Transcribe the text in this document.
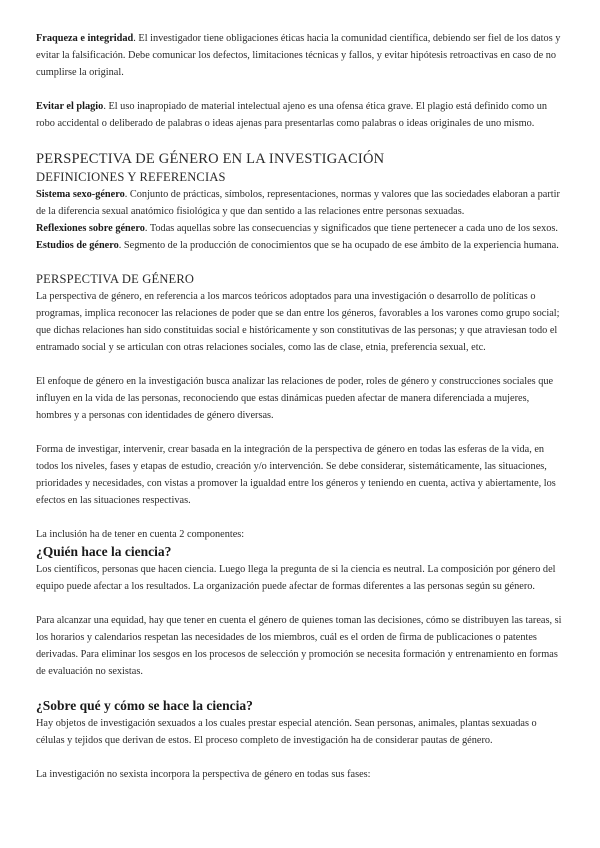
Fraqueza e integridad. El investigador tiene obligaciones éticas hacia la comunidad científica, debiendo ser fiel de los datos y evitar la falsificación. Debe comunicar los defectos, limitaciones técnicas y fallos, y evitar hipótesis retroactivas en caso de no cumplirse la original.

Evitar el plagio. El uso inapropiado de material intelectual ajeno es una ofensa ética grave. El plagio está definido como un robo accidental o deliberado de palabras o ideas ajenas para presentarlas como palabras o ideas originales de uno mismo.

PERSPECTIVA DE GÉNERO EN LA INVESTIGACIÓN
DEFINICIONES Y REFERENCIAS

Sistema sexo-género. Conjunto de prácticas, símbolos, representaciones, normas y valores que las sociedades elaboran a partir de la diferencia sexual anatómico fisiológica y que dan sentido a las relaciones entre personas sexuadas.

Reflexiones sobre género. Todas aquellas sobre las consecuencias y significados que tiene pertenecer a cada uno de los sexos.

Estudios de género. Segmento de la producción de conocimientos que se ha ocupado de ese ámbito de la experiencia humana.

PERSPECTIVA DE GÉNERO

La perspectiva de género, en referencia a los marcos teóricos adoptados para una investigación o desarrollo de políticas o programas, implica reconocer las relaciones de poder que se dan entre los géneros, favorables a los varones como grupo social; que dichas relaciones han sido constituidas social e históricamente y son constitutivas de las personas; y que atraviesan todo el entramado social y se articulan con otras relaciones sociales, como las de clase, etnia, preferencia sexual, etc.

El enfoque de género en la investigación busca analizar las relaciones de poder, roles de género y construcciones sociales que influyen en la vida de las personas, reconociendo que estas dinámicas pueden afectar de manera diferenciada a mujeres, hombres y a personas con identidades de género diversas.

Forma de investigar, intervenir, crear basada en la integración de la perspectiva de género en todas las esferas de la vida, en todos los niveles, fases y etapas de estudio, creación y/o intervención. Se debe considerar, sistemáticamente, las situaciones, prioridades y necesidades, con vistas a promover la igualdad entre los géneros y teniendo en cuenta, activa y abiertamente, los efectos en las situaciones respectivas.

La inclusión ha de tener en cuenta 2 componentes:

¿Quién hace la ciencia?

Los científicos, personas que hacen ciencia. Luego llega la pregunta de si la ciencia es neutral. La composición por género del equipo puede afectar a los resultados. La organización puede afectar de formas diferentes a las personas según su género.

Para alcanzar una equidad, hay que tener en cuenta el género de quienes toman las decisiones, cómo se distribuyen las tareas, si los horarios y calendarios respetan las necesidades de los miembros, cuál es el orden de firma de publicaciones o patentes derivadas. Para eliminar los sesgos en los procesos de selección y promoción se necesita formación y entrenamiento en formas de evaluación no sexistas.

¿Sobre qué y cómo se hace la ciencia?

Hay objetos de investigación sexuados a los cuales prestar especial atención. Sean personas, animales, plantas sexuadas o células y tejidos que derivan de estos. El proceso completo de investigación ha de considerar pautas de género.

La investigación no sexista incorpora la perspectiva de género en todas sus fases:
